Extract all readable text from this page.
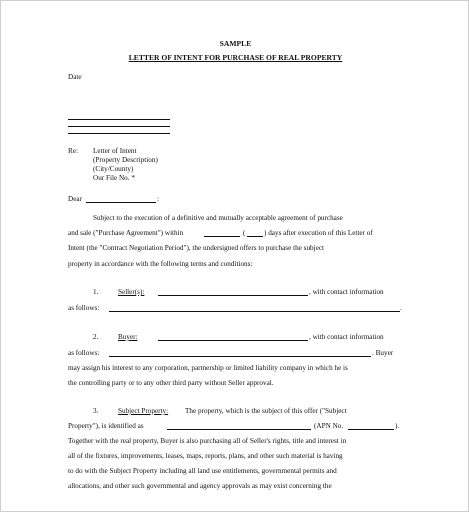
SAMPLE
LETTER OF INTENT FOR PURCHASE OF REAL PROPERTY
Date
Re: Letter of Intent
(Property Description)
(City/County)
Our File No. *
Dear	:
Subject to the execution of a definitive and mutually acceptable agreement of purchase
and sale ("Purchase Agreement") within	(	) days after execution of this Letter of
Intent (the "Contract Negotiation Period"), the undersigned offers to purchase the subject
property in accordance with the following terms and conditions:
1.	Seller(s):	, with contact information
as follows:	.
2.	Buyer:	, with contact information
as follows:	. Buyer
may assign his interest to any corporation, partnership or limited liability company in which he is
the controlling party or to any other third party without Seller approval.
3.	Subject Property: The property, which is the subject of this offer ("Subject
Property"), is identified as	(APN No.	).
Together with the real property, Buyer is also purchasing all of Seller's rights, title and interest in
all of the fixtures, improvements, leases, maps, reports, plans, and other such material is having
to do with the Subject Property including all land use entitlements, governmental permits and
allocations, and other such governmental and agency approvals as may exist concerning the
